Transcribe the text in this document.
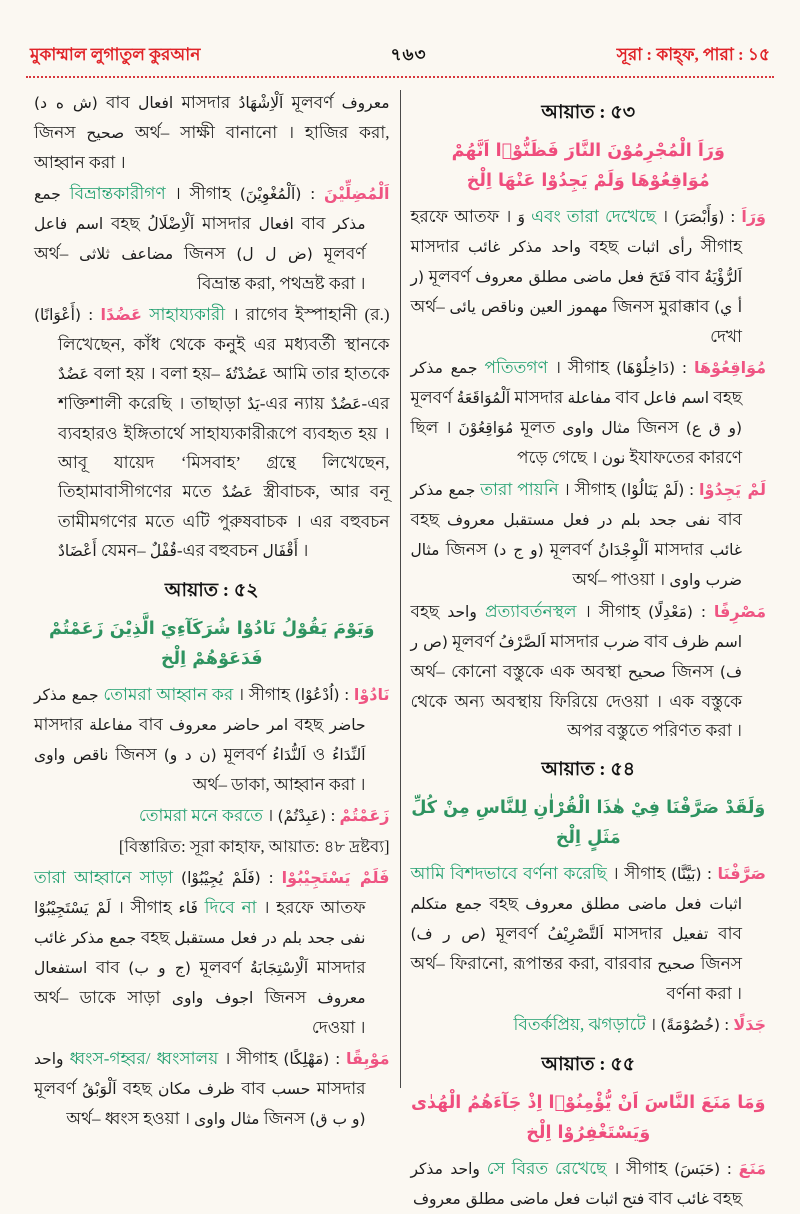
মুকাম্মাল লুগাতুল কুরআন	৭৬৩	সূরা : কাহ্‌ফ, পারা : ১৫

(ش ه د) বাব افعال মাসদার اَلْاِشْهَادُ মূলবর্ণ معروف জিনস صحيح অর্থ– সাক্ষী বানানো । হাজির করা, আহ্বান করা ।

اَلْمُضِلِّيْنَ : (اَلْمُغْوِيْنَ) বিভ্রান্তকারীগণ । সীগাহ جمع مذكر বাব افعال মাসদার اَلْاِضْلَالُ বহছ اسم فاعل মূলবর্ণ (ض ل ل) জিনস مضاعف ثلاثى অর্থ– বিভ্রান্ত করা, পথভ্রষ্ট করা ।

عَضُدًا : (أَعْوَانًا)	সাহায্যকারী । রাগেব ইস্পাহানী (র.) লিখেছেন, কাঁধ থেকে কনুই এর মধ্যবর্তী স্থানকে عَضُدٌ বলা হয় । বলা হয়– عَضُدْتُهٗ আমি তার হাতকে শক্তিশালী করেছি । তাছাড়া يَدٌ-এর ন্যায় عَضُدٌ-এর ব্যবহারও ইঙ্গিতার্থে সাহায্যকারীরূপে ব্যবহৃত হয় । আবূ যায়েদ ‘মিসবাহ’ গ্রন্থে লিখেছেন, তিহামাবাসীগণের মতে عَضُدٌ স্ত্রীবাচক, আর বনূ তামীমগণের মতে এটি পুরুষবাচক । এর বহুবচন أَعْضَادٌ যেমন– قُفْلٌ-এর বহুবচন أَقْفَال ।

আয়াত : ৫২
وَيَوْمَ يَقُوْلُ نَادُوْا شُرَكَآءِيَ الَّذِيْنَ زَعَمْتُمْ فَدَعَوْهُمْ اِلْخ

نَادُوْا : (اُدْعُوْا) তোমরা আহ্বান কর । সীগাহ جمع مذكر حاضر বহছ امر حاضر معروف বাব مفاعلة মাসদার اَلنِّدَاءُ ও اَلنُّدَاءُ মূলবর্ণ (ن د و) জিনস ناقص واوى অর্থ– ডাকা, আহ্বান করা ।

زَعَمْتُمْ : (عَبِدْتُمْ) তোমরা মনে করতে ।

[বিস্তারিত: সূরা কাহাফ, আয়াত: ৪৮ দ্রষ্টব্য]

فَلَمْ يَسْتَجِيْبُوْا : (فَلَمْ يُجِيْبُوْا) তারা আহ্বানে সাড়া দিবে না । হরফে আতফ فَاء । সীগাহ لَمْ يَسْتَجِيْبُوْا نفى جحد بلم در فعل مستقبل বহছ جمع مذكر غائب মাসদার اَلْاِسْتِجَابَةُ মূলবর্ণ (ج و ب) বাব استفعال معروف জিনস اجوف واوى অর্থ– ডাকে সাড়া দেওয়া ।

مَوْبِقًا : (مَهْلِكًا) ধ্বংস-গহ্বর/ ধ্বংসালয় । সীগাহ واحد মাসদার حسب বাব ظرف مكان বহছ اَلْوَبْقُ মূলবর্ণ (و ب ق) জিনস مثال واوى অর্থ– ধ্বংস হওয়া ।

আয়াত : ৫৩
وَرَاَ الْمُجْرِمُوْنَ النَّارَ فَظَنُّوْۤا اَنَّهُمْ مُوَاقِعُوْهَا وَلَمْ يَجِدُوْا عَنْهَا اِلْخ

وَرَاَ : (وَأَبْصَرَ) এবং তারা দেখেছে । وَ হরফে আতফ । সীগাহ رأى اثبات বহছ واحد مذكر غائب মাসদার اَلرُّؤْيَةُ বাব فَتَحَ فعل ماضى مطلق معروف মূলবর্ণ (ر أ ي) জিনস মুরাক্কাব مهموز العين وناقص يائى অর্থ– দেখা

مُوَاقِعُوْهَا : (دَاخِلُوْهَا) পতিতগণ । সীগাহ جمع مذكر বহছ اسم فاعل বাব مفاعلة মাসদার اَلْمُوَاقَعَةُ মূলবর্ণ (و ق ع) জিনস مثال واوى মূলত مُوَاقِعُوْنَ ছিল । ইযাফতের কারণে نون পড়ে গেছে ।

لَمْ يَجِدُوْا : (لَمْ يَنَالُوْا) তারা পায়নি । সীগাহ جمع مذكر বাব نفى جحد بلم در فعل مستقبل معروف বহছ غائب মাসদার اَلْوِجْدَانُ মূলবর্ণ (و ج د) জিনস مثال ضرب واوى অর্থ– পাওয়া ।

مَصْرِفًا : (مَعْدِلًا) প্রত্যাবর্তনস্থল । সীগাহ واحد বহছ اسم ظرف বাব ضرب মাসদার اَلصَّرْفُ মূলবর্ণ (ص ر ف) জিনস صحيح অর্থ– কোনো বস্তুকে এক অবস্থা থেকে অন্য অবস্থায় ফিরিয়ে দেওয়া । এক বস্তুকে অপর বস্তুতে পরিণত করা ।

আয়াত : ৫৪
وَلَقَدْ صَرَّفْنَا فِيْ هٰذَا الْقُرْاٰنِ لِلنَّاسِ مِنْ كُلِّ مَثَلٍ اِلْخ

صَرَّفْنَا : (بَيَّنَّا) আমি বিশদভাবে বর্ণনা করেছি । সীগাহ اثبات فعل ماضى مطلق معروف বহছ جمع متكلم বাব تفعيل মাসদার اَلتَّصْرِيْفُ মূলবর্ণ (ص ر ف) জিনস صحيح অর্থ– ফিরানো, রূপান্তর করা, বারবার বর্ণনা করা ।

جَدَلًا : (خُصُوْمَةً) বিতর্কপ্রিয়, ঝগড়াটে ।

আয়াত : ৫৫
وَمَا مَنَعَ النَّاسَ اَنْ يُّؤْمِنُوْۤا اِذْ جَآءَهُمُ الْهُدٰى وَيَسْتَغْفِرُوْا اِلْخ

مَنَعَ : (حَبَسَ) সে বিরত রেখেছে । সীগাহ واحد مذكر বহছ غائب বাব فتح اثبات فعل ماضى مطلق معروف
